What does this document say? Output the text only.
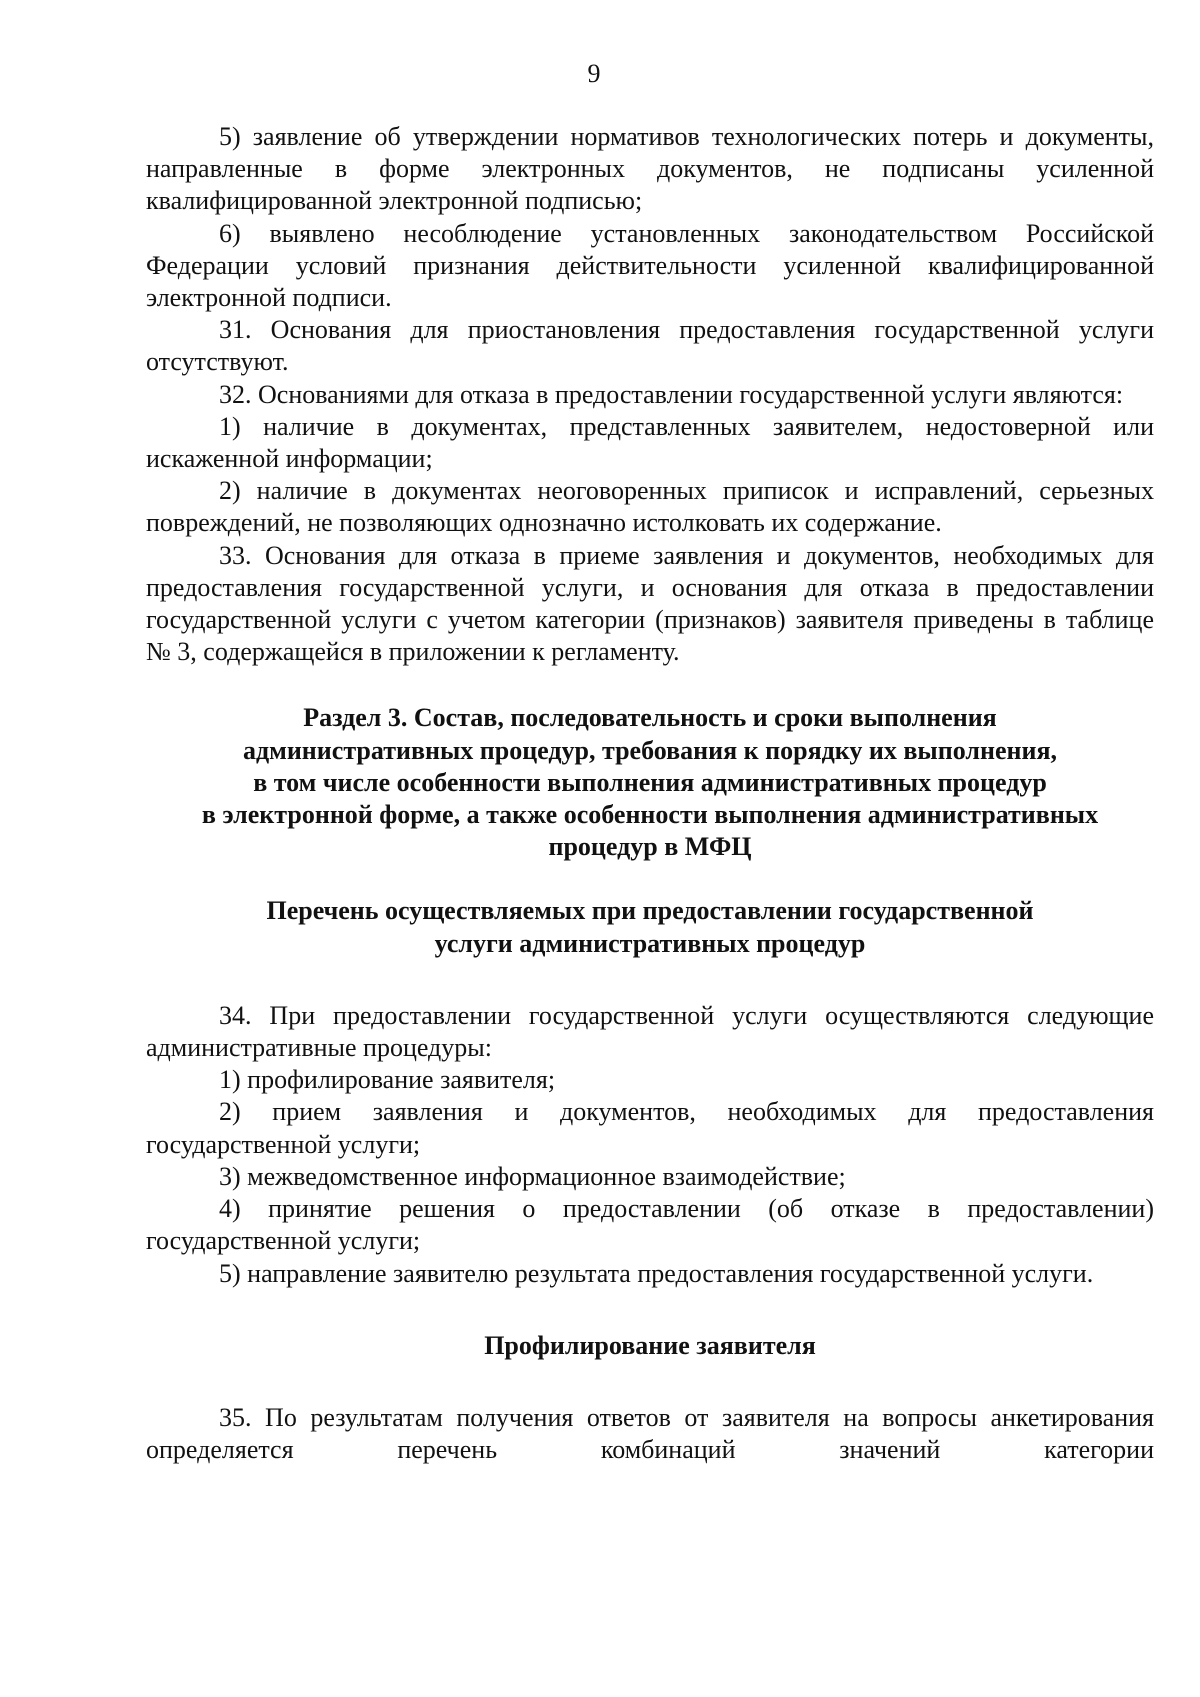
9

5) заявление об утверждении нормативов технологических потерь и документы, направленные в форме электронных документов, не подписаны усиленной квалифицированной электронной подписью;

6) выявлено несоблюдение установленных законодательством Российской Федерации условий признания действительности усиленной квалифицированной электронной подписи.

31. Основания для приостановления предоставления государственной услуги отсутствуют.

32. Основаниями для отказа в предоставлении государственной услуги являются:

1) наличие в документах, представленных заявителем, недостоверной или искаженной информации;

2) наличие в документах неоговоренных приписок и исправлений, серьезных повреждений, не позволяющих однозначно истолковать их содержание.

33. Основания для отказа в приеме заявления и документов, необходимых для предоставления государственной услуги, и основания для отказа в предоставлении государственной услуги с учетом категории (признаков) заявителя приведены в таблице № 3, содержащейся в приложении к регламенту.

Раздел 3. Состав, последовательность и сроки выполнения

административных процедур, требования к порядку их выполнения,

в том числе особенности выполнения административных процедур

в электронной форме, а также особенности выполнения административных

процедур в МФЦ

Перечень осуществляемых при предоставлении государственной

услуги административных процедур

34. При предоставлении государственной услуги осуществляются следующие административные процедуры:

1) профилирование заявителя;

2) прием заявления и документов, необходимых для предоставления государственной услуги;

3) межведомственное информационное взаимодействие;

4) принятие решения о предоставлении (об отказе в предоставлении) государственной услуги;

5) направление заявителю результата предоставления государственной услуги.

Профилирование заявителя

35. По результатам получения ответов от заявителя на вопросы анкетирования определяется перечень комбинаций значений категории
